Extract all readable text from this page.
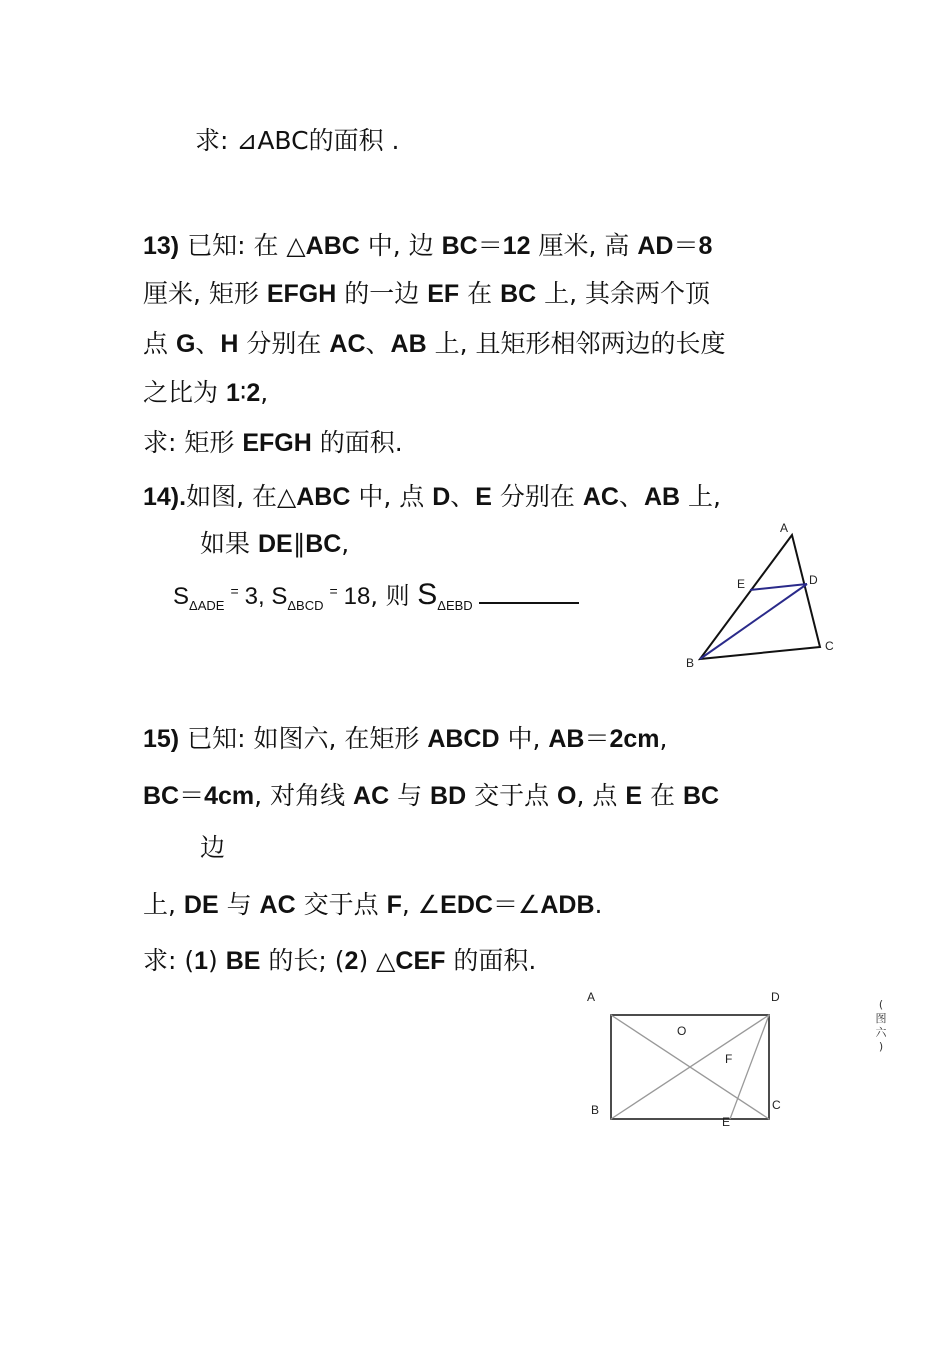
求: ⊿ABC的面积 .
13) 已知: 在 △ABC 中, 边 BC＝12 厘米, 高 AD＝8
厘米, 矩形 EFGH 的一边 EF 在 BC 上, 其余两个顶
点 G、H 分别在 AC、AB 上, 且矩形相邻两边的长度
之比为 1∶2,
求: 矩形 EFGH 的面积.
14).如图, 在△ABC 中, 点 D、E 分别在 AC、AB 上,
如果 DE∥BC,
$S_{\Delta ADE}^=$ 3, $S_{\Delta BCD}^=$ 18, 则 $S_{\Delta EBD}$
A
E	D
C
B
15) 已知: 如图六, 在矩形 ABCD 中, AB＝2cm,
BC＝4cm, 对角线 AC 与 BD 交于点 O, 点 E 在 BC
边
上, DE 与 AC 交于点 F, ∠EDC＝∠ADB.
求: (1) BE 的长; (2) △CEF 的面积.
A	D
O
F
B	C
E
(
图
六
)
